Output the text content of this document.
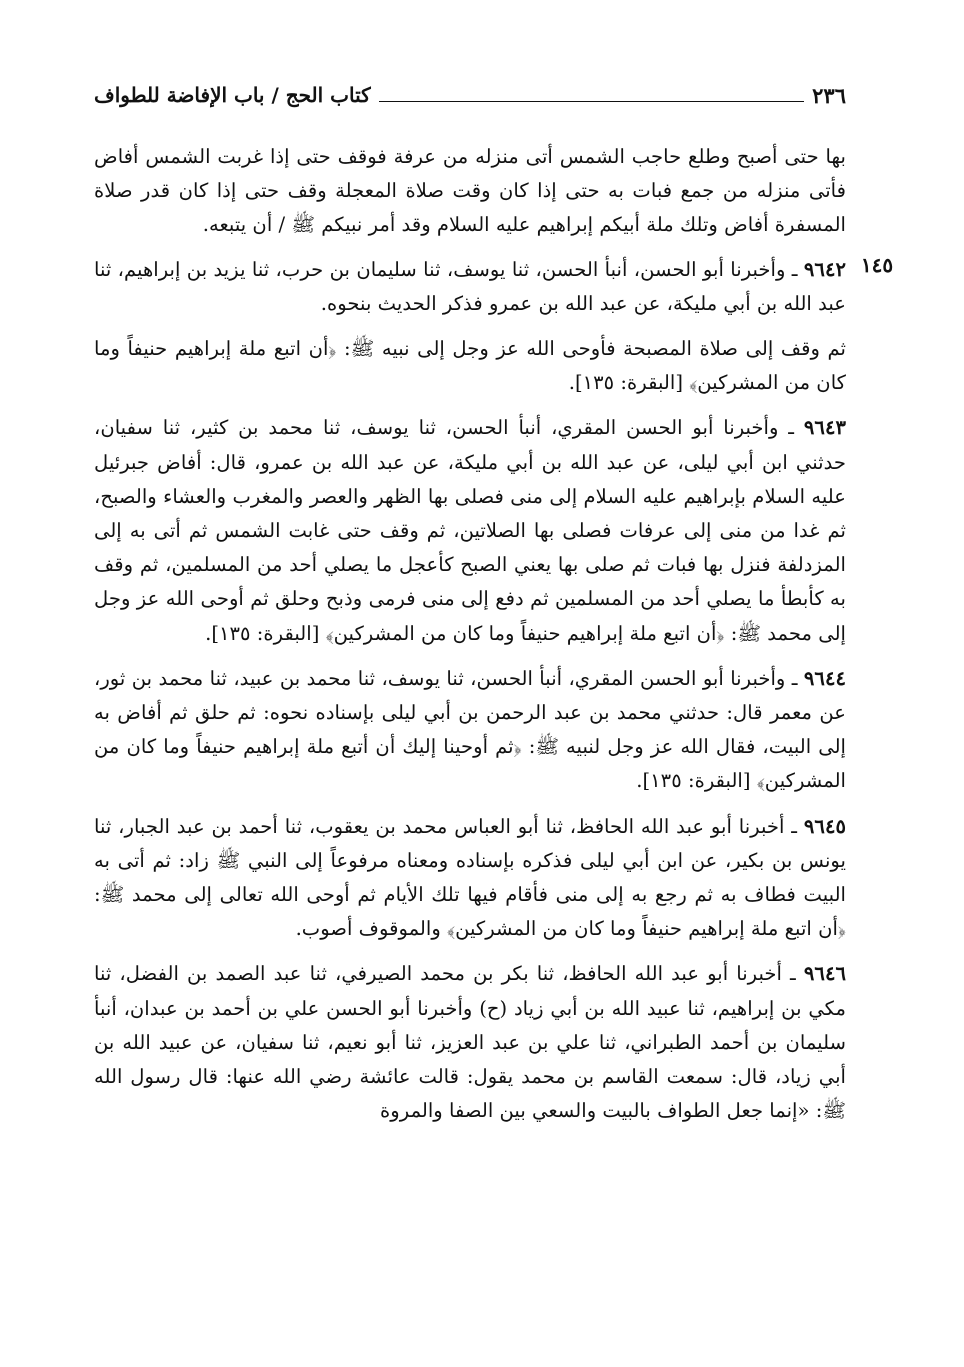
٢٣٦
كتاب الحج / باب الإفاضة للطواف
١٤٥

بها حتى أصبح وطلع حاجب الشمس أتى منزله من عرفة فوقف حتى إذا غربت الشمس أفاض فأتى منزله من جمع فبات به حتى إذا كان وقت صلاة المعجلة وقف حتى إذا كان قدر صلاة المسفرة أفاض وتلك ملة أبيكم إبراهيم عليه السلام وقد أمر نبيكم ﷺ / أن يتبعه.

٩٦٤٢ ـ وأخبرنا أبو الحسن، أنبأ الحسن، ثنا يوسف، ثنا سليمان بن حرب، ثنا يزيد بن إبراهيم، ثنا عبد الله بن أبي مليكة، عن عبد الله بن عمرو فذكر الحديث بنحوه.

ثم وقف إلى صلاة المصبحة فأوحى الله عز وجل إلى نبيه ﷺ: ﴿أن اتبع ملة إبراهيم حنيفاً وما كان من المشركين﴾ [البقرة: ١٣٥].

٩٦٤٣ ـ وأخبرنا أبو الحسن المقري، أنبأ الحسن، ثنا يوسف، ثنا محمد بن كثير، ثنا سفيان، حدثني ابن أبي ليلى، عن عبد الله بن أبي مليكة، عن عبد الله بن عمرو، قال: أفاض جبرئيل عليه السلام بإبراهيم عليه السلام إلى منى فصلى بها الظهر والعصر والمغرب والعشاء والصبح، ثم غدا من منى إلى عرفات فصلى بها الصلاتين، ثم وقف حتى غابت الشمس ثم أتى به إلى المزدلفة فنزل بها فبات ثم صلى بها يعني الصبح كأعجل ما يصلي أحد من المسلمين، ثم وقف به كأبطأ ما يصلي أحد من المسلمين ثم دفع إلى منى فرمى وذبح وحلق ثم أوحى الله عز وجل إلى محمد ﷺ: ﴿أن اتبع ملة إبراهيم حنيفاً وما كان من المشركين﴾ [البقرة: ١٣٥].

٩٦٤٤ ـ وأخبرنا أبو الحسن المقري، أنبأ الحسن، ثنا يوسف، ثنا محمد بن عبيد، ثنا محمد بن ثور، عن معمر قال: حدثني محمد بن عبد الرحمن بن أبي ليلى بإسناده نحوه: ثم حلق ثم أفاض به إلى البيت، فقال الله عز وجل لنبيه ﷺ: ﴿ثم أوحينا إليك أن أتبع ملة إبراهيم حنيفاً وما كان من المشركين﴾ [البقرة: ١٣٥].

٩٦٤٥ ـ أخبرنا أبو عبد الله الحافظ، ثنا أبو العباس محمد بن يعقوب، ثنا أحمد بن عبد الجبار، ثنا يونس بن بكير، عن ابن أبي ليلى فذكره بإسناده ومعناه مرفوعاً إلى النبي ﷺ زاد: ثم أتى به البيت فطاف به ثم رجع به إلى منى فأقام فيها تلك الأيام ثم أوحى الله تعالى إلى محمد ﷺ: ﴿أن اتبع ملة إبراهيم حنيفاً وما كان من المشركين﴾ والموقوف أصوب.

٩٦٤٦ ـ أخبرنا أبو عبد الله الحافظ، ثنا بكر بن محمد الصيرفي، ثنا عبد الصمد بن الفضل، ثنا مكي بن إبراهيم، ثنا عبيد الله بن أبي زياد (ح) وأخبرنا أبو الحسن علي بن أحمد بن عبدان، أنبأ سليمان بن أحمد الطبراني، ثنا علي بن عبد العزيز، ثنا أبو نعيم، ثنا سفيان، عن عبيد الله بن أبي زياد، قال: سمعت القاسم بن محمد يقول: قالت عائشة رضي الله عنها: قال رسول الله ﷺ: «إنما جعل الطواف بالبيت والسعي بين الصفا والمروة
